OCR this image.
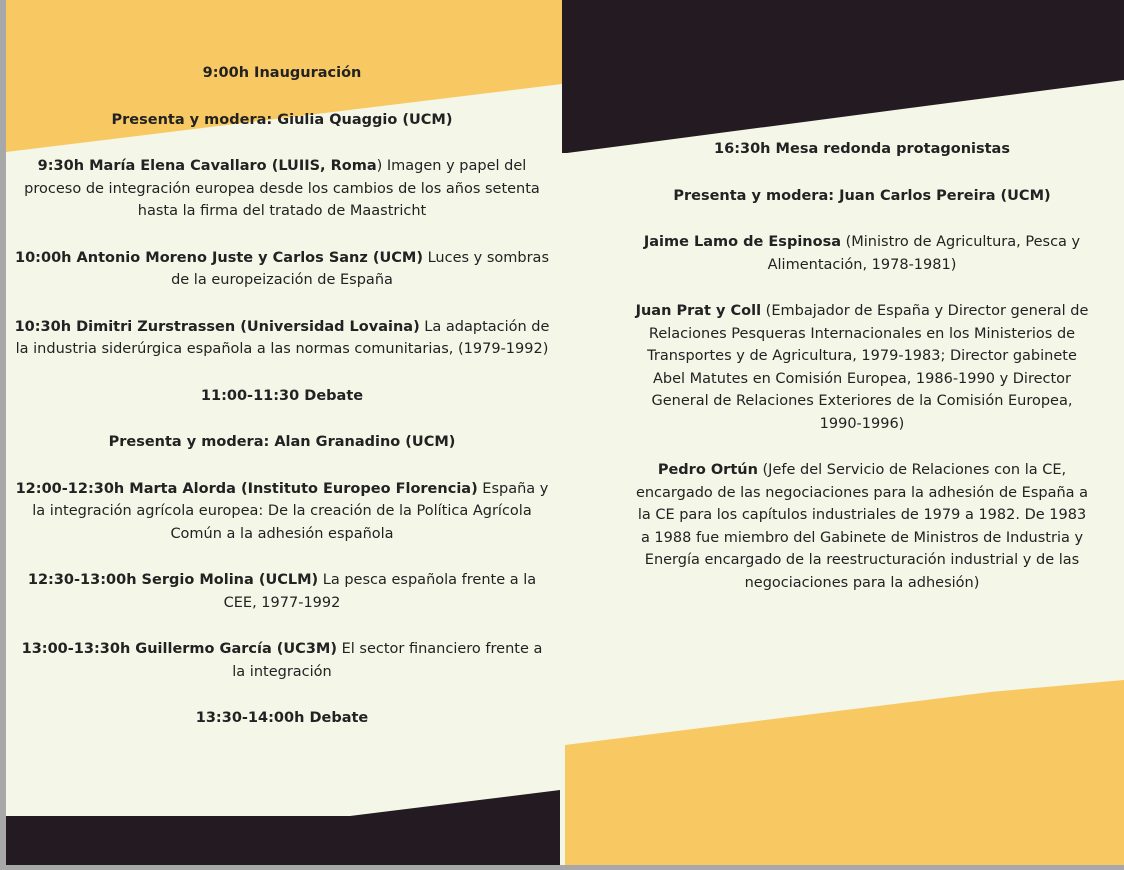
9:00h Inauguración

Presenta y modera: Giulia Quaggio (UCM)

9:30h María Elena Cavallaro (LUIIS, Roma) Imagen y papel del proceso de integración europea desde los cambios de los años setenta hasta la firma del tratado de Maastricht

10:00h Antonio Moreno Juste y Carlos Sanz (UCM) Luces y sombras de la europeización de España

10:30h Dimitri Zurstrassen (Universidad Lovaina) La adaptación de la industria siderúrgica española a las normas comunitarias, (1979-1992)

11:00-11:30 Debate

Presenta y modera: Alan Granadino (UCM)

12:00-12:30h Marta Alorda (Instituto Europeo Florencia) España y la integración agrícola europea: De la creación de la Política Agrícola Común a la adhesión española

12:30-13:00h Sergio Molina (UCLM) La pesca española frente a la CEE, 1977-1992

13:00-13:30h Guillermo García (UC3M) El sector financiero frente a la integración

13:30-14:00h Debate

16:30h Mesa redonda protagonistas

Presenta y modera: Juan Carlos Pereira (UCM)

Jaime Lamo de Espinosa (Ministro de Agricultura, Pesca y Alimentación, 1978-1981)

Juan Prat y Coll (Embajador de España y Director general de Relaciones Pesqueras Internacionales en los Ministerios de Transportes y de Agricultura, 1979-1983; Director gabinete Abel Matutes en Comisión Europea, 1986-1990 y Director General de Relaciones Exteriores de la Comisión Europea, 1990-1996)

Pedro Ortún (Jefe del Servicio de Relaciones con la CE, encargado de las negociaciones para la adhesión de España a la CE para los capítulos industriales de 1979 a 1982. De 1983 a 1988 fue miembro del Gabinete de Ministros de Industria y Energía encargado de la reestructuración industrial y de las negociaciones para la adhesión)
